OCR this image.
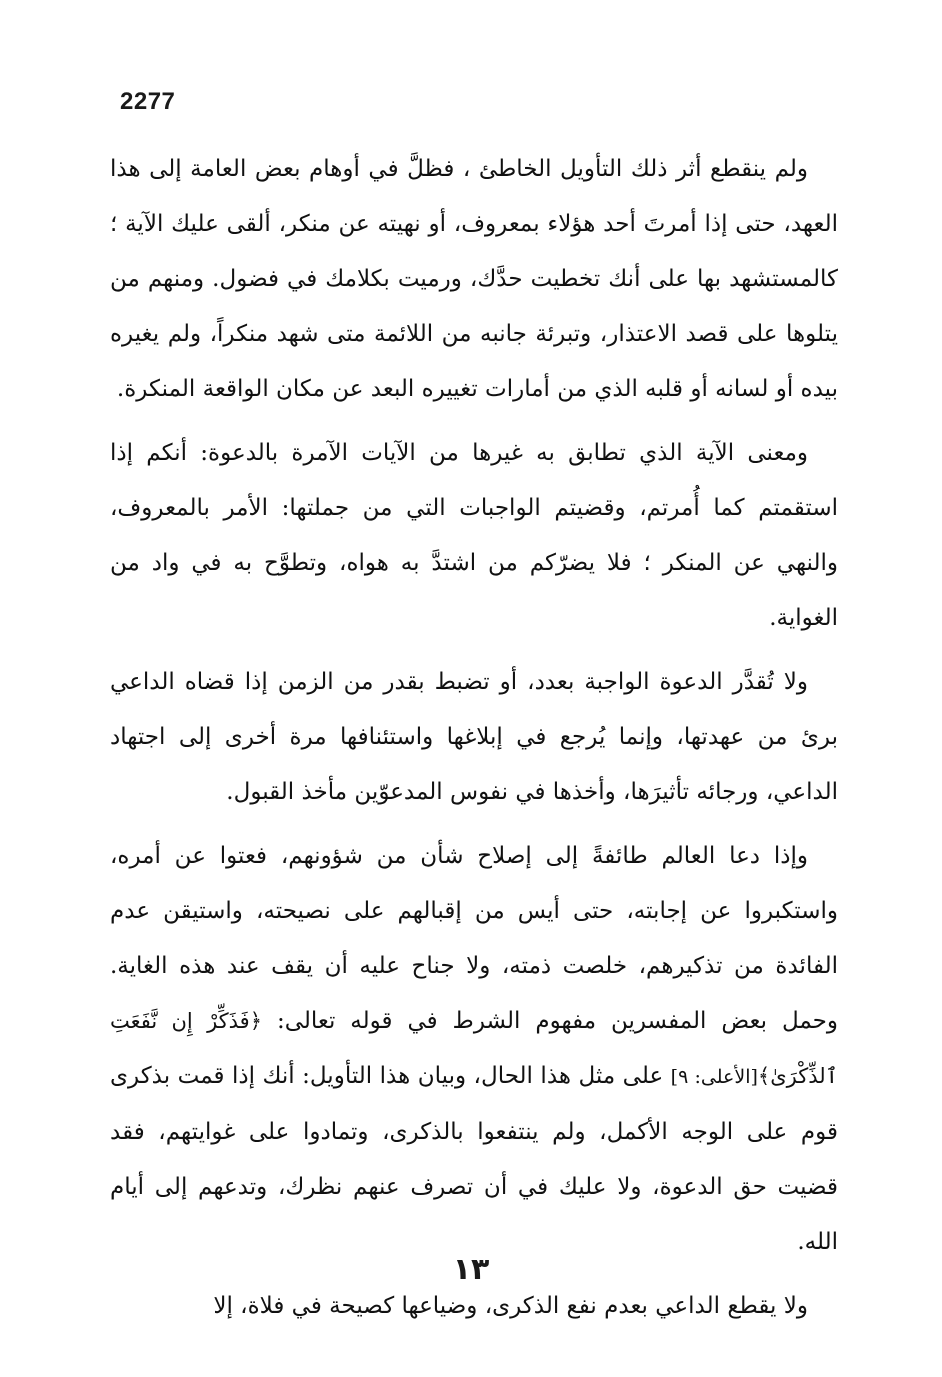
2277

ولم ينقطع أثر ذلك التأويل الخاطئ ، فظلَّ في أوهام بعض العامة إلى هذا العهد، حتى إذا أمرتَ أحد هؤلاء بمعروف، أو نهيته عن منكر، ألقى عليك الآية ؛ كالمستشهد بها على أنك تخطيت حدَّك، ورميت بكلامك في فضول. ومنهم من يتلوها على قصد الاعتذار، وتبرئة جانبه من اللائمة متى شهد منكراً، ولم يغيره بيده أو لسانه أو قلبه الذي من أمارات تغييره البعد عن مكان الواقعة المنكرة.

ومعنى الآية الذي تطابق به غيرها من الآيات الآمرة بالدعوة: أنكم إذا استقمتم كما أُمرتم، وقضيتم الواجبات التي من جملتها: الأمر بالمعروف، والنهي عن المنكر ؛ فلا يضرّكم من اشتدَّ به هواه، وتطوَّح به في واد من الغواية.

ولا تُقدَّر الدعوة الواجبة بعدد، أو تضبط بقدر من الزمن إذا قضاه الداعي برئ من عهدتها، وإنما يُرجع في إبلاغها واستئنافها مرة أخرى إلى اجتهاد الداعي، ورجائه تأثيرَها، وأخذها في نفوس المدعوّين مأخذ القبول.

وإذا دعا العالم طائفةً إلى إصلاح شأن من شؤونهم، فعتوا عن أمره، واستكبروا عن إجابته، حتى أيس من إقبالهم على نصيحته، واستيقن عدم الفائدة من تذكيرهم، خلصت ذمته، ولا جناح عليه أن يقف عند هذه الغاية. وحمل بعض المفسرين مفهوم الشرط في قوله تعالى: ﴿فَذَكِّرْ إِن نَّفَعَتِ ٱلذِّكْرَىٰ﴾[الأعلى: ٩] على مثل هذا الحال، وبيان هذا التأويل: أنك إذا قمت بذكرى قوم على الوجه الأكمل، ولم ينتفعوا بالذكرى، وتمادوا على غوايتهم، فقد قضيت حق الدعوة، ولا عليك في أن تصرف عنهم نظرك، وتدعهم إلى أيام الله.

ولا يقطع الداعي بعدم نفع الذكرى، وضياعها كصيحة في فلاة، إلا

١٣
